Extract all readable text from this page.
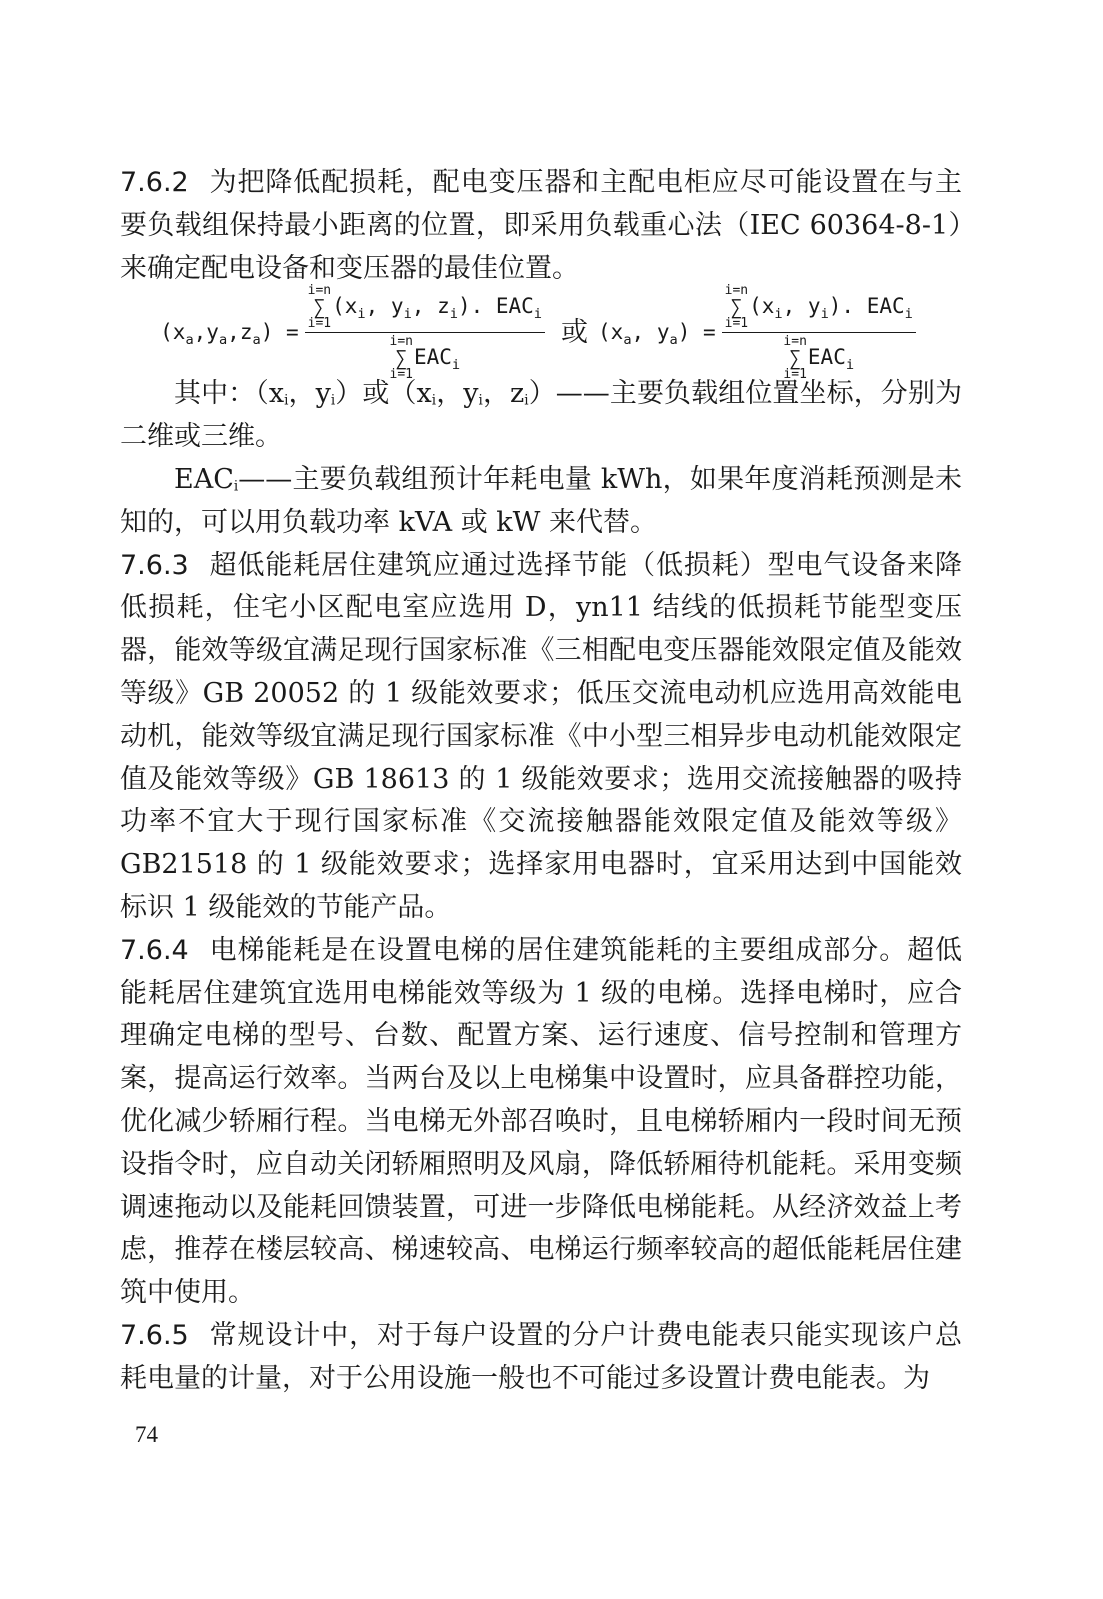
7.6.2 为把降低配损耗，配电变压器和主配电柜应尽可能设置在与主要负载组保持最小距离的位置，即采用负载重心法（IEC 60364-8-1）来确定配电设备和变压器的最佳位置。

$(x_a,y_a,z_a) = i=n$
∑
i=1
($x_i$, $y_i$, $z_i$). $EAC_i$
i=n
∑
i=1
$EAC_i$ 或 ($x_a$, $y_a) = i=n$
∑
i=1
($x_i$, $y_i$). $EAC_i$
i=n
∑
i=1
$EAC_i$

其中：（$x_i$，$y_i$）或（$x_i$，$y_i$，$z_i)——$主要负载组位置坐标，分别为二维或三维。

$EAC_i——$主要负载组预计年耗电量 kWh，如果年度消耗预测是未知的，可以用负载功率 kVA 或 kW 来代替。

7.6.3 超低能耗居住建筑应通过选择节能（低损耗）型电气设备来降低损耗，住宅小区配电室应选用 D，yn11 结线的低损耗节能型变压器，能效等级宜满足现行国家标准《三相配电变压器能效限定值及能效等级》GB 20052 的 1 级能效要求；低压交流电动机应选用高效能电动机，能效等级宜满足现行国家标准《中小型三相异步电动机能效限定值及能效等级》GB 18613 的 1 级能效要求；选用交流接触器的吸持功率不宜大于现行国家标准《交流接触器能效限定值及能效等级》GB21518 的 1 级能效要求；选择家用电器时，宜采用达到中国能效标识 1 级能效的节能产品。

7.6.4 电梯能耗是在设置电梯的居住建筑能耗的主要组成部分。超低能耗居住建筑宜选用电梯能效等级为 1 级的电梯。选择电梯时，应合理确定电梯的型号、台数、配置方案、运行速度、信号控制和管理方案，提高运行效率。当两台及以上电梯集中设置时，应具备群控功能，优化减少轿厢行程。当电梯无外部召唤时，且电梯轿厢内一段时间无预设指令时，应自动关闭轿厢照明及风扇，降低轿厢待机能耗。采用变频调速拖动以及能耗回馈装置，可进一步降低电梯能耗。从经济效益上考虑，推荐在楼层较高、梯速较高、电梯运行频率较高的超低能耗居住建筑中使用。

7.6.5 常规设计中，对于每户设置的分户计费电能表只能实现该户总耗电量的计量，对于公用设施一般也不可能过多设置计费电能表。为

74
